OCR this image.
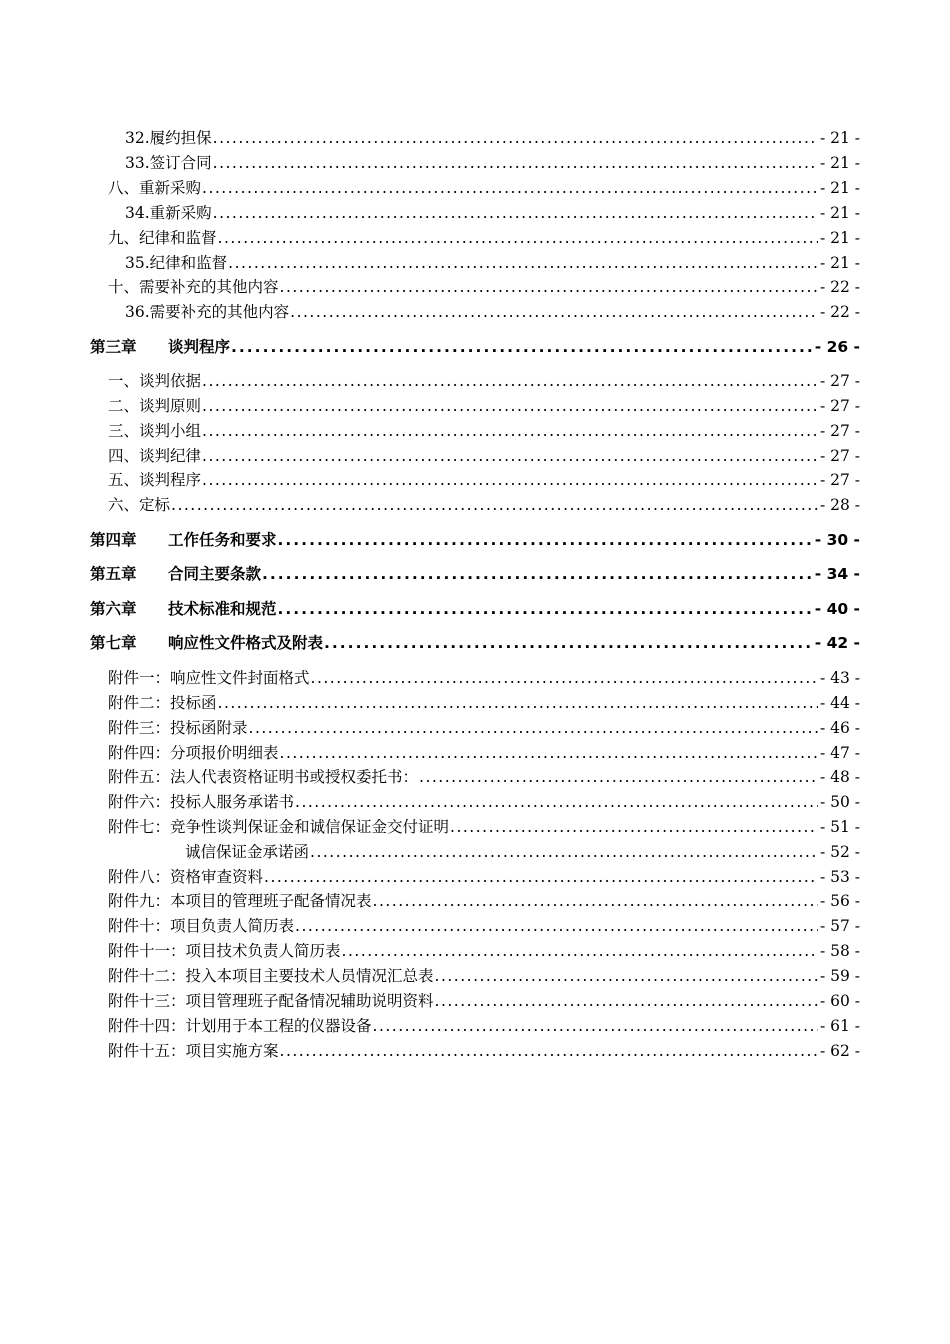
32.履约担保 .....	- 21 -
33.签订合同 .....	- 21 -
八、重新采购 .....	- 21 -
34.重新采购 .....	- 21 -
九、纪律和监督 .....	- 21 -
35.纪律和监督 .....	- 21 -
十、需要补充的其他内容 .....	- 22 -
36.需要补充的其他内容 .....	- 22 -
第三章 谈判程序 .....	- 26 -
一、谈判依据 .....	- 27 -
二、谈判原则 .....	- 27 -
三、谈判小组 .....	- 27 -
四、谈判纪律 .....	- 27 -
五、谈判程序 .....	- 27 -
六、定标 .....	- 28 -
第四章 工作任务和要求 .....	- 30 -
第五章 合同主要条款 .....	- 34 -
第六章 技术标准和规范 .....	- 40 -
第七章 响应性文件格式及附表 .....	- 42 -
附件一：响应性文件封面格式 .....	- 43 -
附件二：投标函 .....	- 44 -
附件三：投标函附录 .....	- 46 -
附件四：分项报价明细表 .....	- 47 -
附件五：法人代表资格证明书或授权委托书： .....	- 48 -
附件六：投标人服务承诺书 .....	- 50 -
附件七：竞争性谈判保证金和诚信保证金交付证明 .....	- 51 -
诚信保证金承诺函 .....	- 52 -
附件八：资格审查资料 .....	- 53 -
附件九：本项目的管理班子配备情况表 .....	- 56 -
附件十：项目负责人简历表 .....	- 57 -
附件十一：项目技术负责人简历表 .....	- 58 -
附件十二：投入本项目主要技术人员情况汇总表 .....	- 59 -
附件十三：项目管理班子配备情况辅助说明资料 .....	- 60 -
附件十四：计划用于本工程的仪器设备 .....	- 61 -
附件十五：项目实施方案 .....	- 62 -
